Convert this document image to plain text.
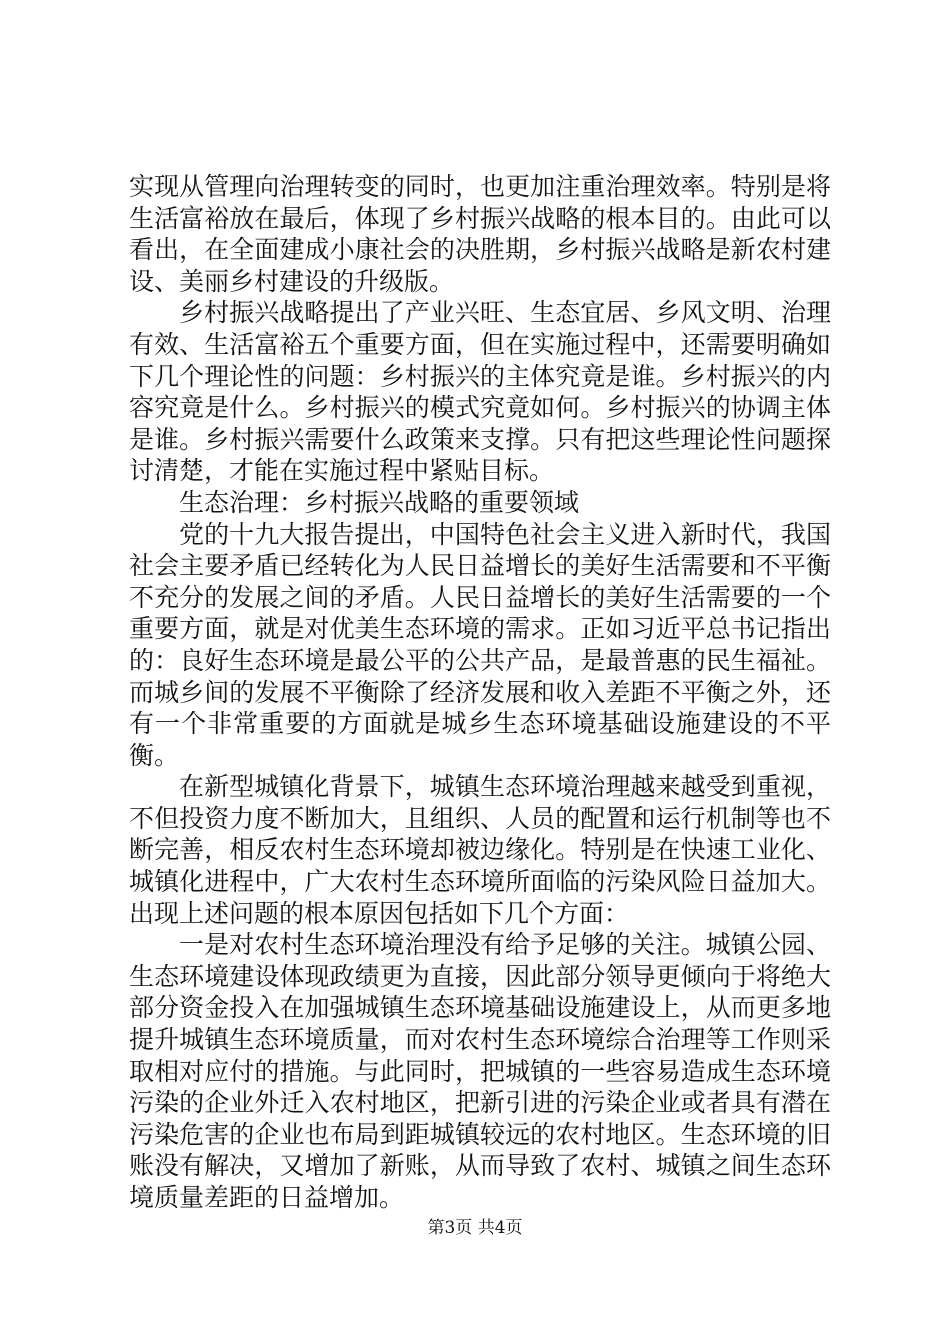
实现从管理向治理转变的同时，也更加注重治理效率。特别是将生活富裕放在最后，体现了乡村振兴战略的根本目的。由此可以看出，在全面建成小康社会的决胜期，乡村振兴战略是新农村建设、美丽乡村建设的升级版。

乡村振兴战略提出了产业兴旺、生态宜居、乡风文明、治理有效、生活富裕五个重要方面，但在实施过程中，还需要明确如下几个理论性的问题：乡村振兴的主体究竟是谁。乡村振兴的内容究竟是什么。乡村振兴的模式究竟如何。乡村振兴的协调主体是谁。乡村振兴需要什么政策来支撑。只有把这些理论性问题探讨清楚，才能在实施过程中紧贴目标。

生态治理：乡村振兴战略的重要领域

党的十九大报告提出，中国特色社会主义进入新时代，我国社会主要矛盾已经转化为人民日益增长的美好生活需要和不平衡不充分的发展之间的矛盾。人民日益增长的美好生活需要的一个重要方面，就是对优美生态环境的需求。正如习近平总书记指出的：良好生态环境是最公平的公共产品，是最普惠的民生福祉。而城乡间的发展不平衡除了经济发展和收入差距不平衡之外，还有一个非常重要的方面就是城乡生态环境基础设施建设的不平衡。

在新型城镇化背景下，城镇生态环境治理越来越受到重视，不但投资力度不断加大，且组织、人员的配置和运行机制等也不断完善，相反农村生态环境却被边缘化。特别是在快速工业化、城镇化进程中，广大农村生态环境所面临的污染风险日益加大。出现上述问题的根本原因包括如下几个方面：

一是对农村生态环境治理没有给予足够的关注。城镇公园、生态环境建设体现政绩更为直接，因此部分领导更倾向于将绝大部分资金投入在加强城镇生态环境基础设施建设上，从而更多地提升城镇生态环境质量，而对农村生态环境综合治理等工作则采取相对应付的措施。与此同时，把城镇的一些容易造成生态环境污染的企业外迁入农村地区，把新引进的污染企业或者具有潜在污染危害的企业也布局到距城镇较远的农村地区。生态环境的旧账没有解决，又增加了新账，从而导致了农村、城镇之间生态环境质量差距的日益增加。

第3页 共4页
